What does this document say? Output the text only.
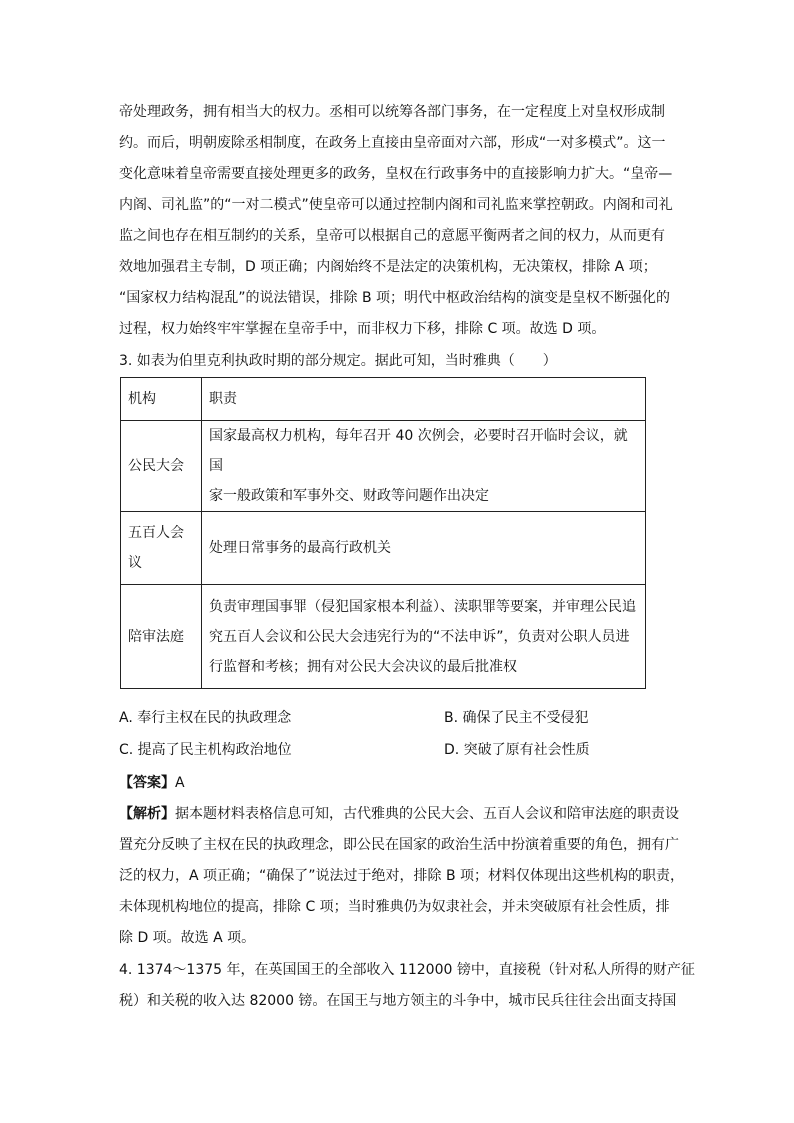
帝处理政务，拥有相当大的权力。丞相可以统筹各部门事务，在一定程度上对皇权形成制
约。而后，明朝废除丞相制度，在政务上直接由皇帝面对六部，形成“一对多模式”。这一
变化意味着皇帝需要直接处理更多的政务，皇权在行政事务中的直接影响力扩大。“皇帝—
内阁、司礼监”的“一对二模式”使皇帝可以通过控制内阁和司礼监来掌控朝政。内阁和司礼
监之间也存在相互制约的关系，皇帝可以根据自己的意愿平衡两者之间的权力，从而更有
效地加强君主专制，D 项正确；内阁始终不是法定的决策机构，无决策权，排除 A 项；
“国家权力结构混乱”的说法错误，排除 B 项；明代中枢政治结构的演变是皇权不断强化的
过程，权力始终牢牢掌握在皇帝手中，而非权力下移，排除 C 项。故选 D 项。
3. 如表为伯里克利执政时期的部分规定。据此可知，当时雅典（　　）
机构	职责

公民大会	国家最高权力机构，每年召开 40 次例会，必要时召开临时会议，就国
家一般政策和军事外交、财政等问题作出决定

五百人会
议	处理日常事务的最高行政机关

陪审法庭	负责审理国事罪（侵犯国家根本利益）、渎职罪等要案，并审理公民追
究五百人会议和公民大会违宪行为的“不法申诉”，负责对公职人员进
行监督和考核；拥有对公民大会决议的最后批准权
A. 奉行主权在民的执政理念	B. 确保了民主不受侵犯
C. 提高了民主机构政治地位	D. 突破了原有社会性质
【答案】A
【解析】据本题材料表格信息可知，古代雅典的公民大会、五百人会议和陪审法庭的职责设
置充分反映了主权在民的执政理念，即公民在国家的政治生活中扮演着重要的角色，拥有广
泛的权力，A 项正确；“确保了”说法过于绝对，排除 B 项；材料仅体现出这些机构的职责，
未体现机构地位的提高，排除 C 项；当时雅典仍为奴隶社会，并未突破原有社会性质，排
除 D 项。故选 A 项。
4. 1374～1375 年，在英国国王的全部收入 112000 镑中，直接税（针对私人所得的财产征
税）和关税的收入达 82000 镑。在国王与地方领主的斗争中，城市民兵往往会出面支持国
